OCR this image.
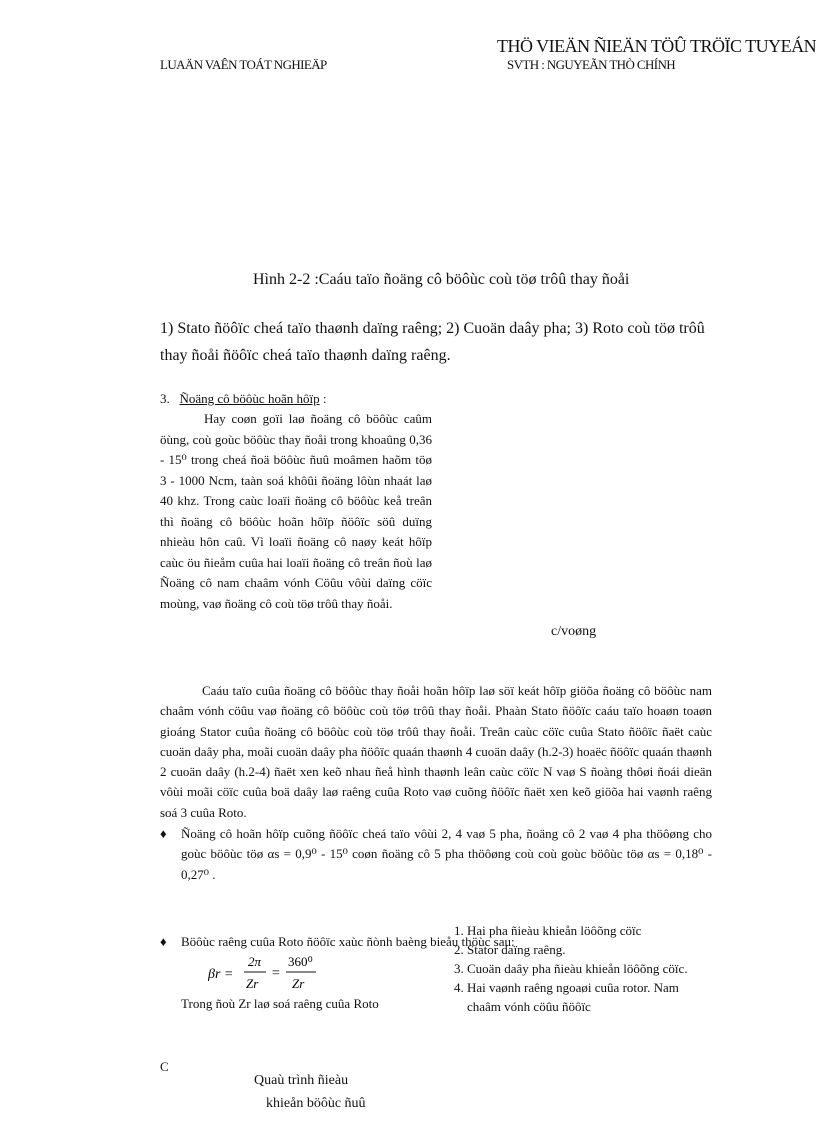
LUAÄN VAÊN TOÁT NGHIEÄP
THÖ VIEÄN ÑIEÄN TÖÛ TRÖÏC TUYEÁN
SVTH : NGUYEÃN THÒ CHÍNH
Hình 2-2 :Caáu taïo ñoäng cô böôùc coù töø trôû thay ñoåi
1) Stato ñöôïc cheá taïo thaønh daïng raêng; 2) Cuoän daây pha; 3) Roto coù töø trôû thay ñoåi ñöôïc cheá taïo thaønh daïng raêng.
3. Ñoäng cô böôùc hoãn hôïp :
Hay coøn goïi laø ñoäng cô böôùc caûm öùng, coù goùc böôùc thay ñoåi trong khoaûng 0,36 - 15⁰ trong cheá ñoä böôùc ñuû moâmen haõm töø 3 - 1000 Ncm, taàn soá khôûi ñoäng lôùn nhaát laø 40 khz. Trong caùc loaïi ñoäng cô böôùc keå treân thì ñoäng cô böôùc hoãn hôïp ñöôïc söû duïng nhieàu hôn caû. Vì loaïi ñoäng cô naøy keát hôïp caùc öu ñieåm cuûa hai loaïi ñoäng cô treân ñoù laø Ñoäng cô nam chaâm vónh Cöûu vôùi daïng cöïc moùng, vaø ñoäng cô coù töø trôû thay ñoåi.
c/voøng
Caáu taïo cuûa ñoäng cô böôùc thay ñoåi hoãn hôïp laø söï keát hôïp giöõa ñoäng cô böôùc nam chaâm vónh cöûu vaø ñoäng cô böôùc coù töø trôû thay ñoåi. Phaàn Stato ñöôïc caáu taïo hoaøn toaøn gioáng Stator cuûa ñoäng cô böôùc coù töø trôû thay ñoåi. Treân caùc cöïc cuûa Stato ñöôïc ñaët caùc cuoän daây pha, moãi cuoän daây pha ñöôïc quaán thaønh 4 cuoän daây (h.2-3) hoaëc ñöôïc quaán thaønh 2 cuoän daây (h.2-4) ñaët xen keõ nhau ñeå hình thaønh leân caùc cöïc N vaø S ñoàng thôøi ñoái dieän vôùi moãi cöïc cuûa boä daây laø raêng cuûa Roto vaø cuõng ñöôïc ñaët xen keõ giöõa hai vaønh raêng soá 3 cuûa Roto.
♦ Ñoäng cô hoãn hôïp cuõng ñöôïc cheá taïo vôùi 2, 4 vaø 5 pha, ñoäng cô 2 vaø 4 pha thöôøng cho goùc böôùc töø αs = 0,9⁰ - 15⁰ coøn ñoäng cô 5 pha thöôøng coù coù goùc böôùc töø αs = 0,18⁰ - 0,27⁰ .
♦ Böôùc raêng cuûa Roto ñöôïc xaùc ñònh baèng bieåu thöùc sau:
βr =
2π
Zr
=
360⁰
Zr
Trong ñoù Zr laø soá raêng cuûa Roto
1. Hai pha ñieàu khieån löôõng cöïc
2. Stator daïng raêng.
3. Cuoän daây pha ñieàu khieån löôõng cöïc.
4. Hai vaønh raêng ngoaøi cuûa rotor. Nam chaâm vónh cöûu ñöôïc
C
Quaù trình ñieàu
khieån böôùc ñuû
